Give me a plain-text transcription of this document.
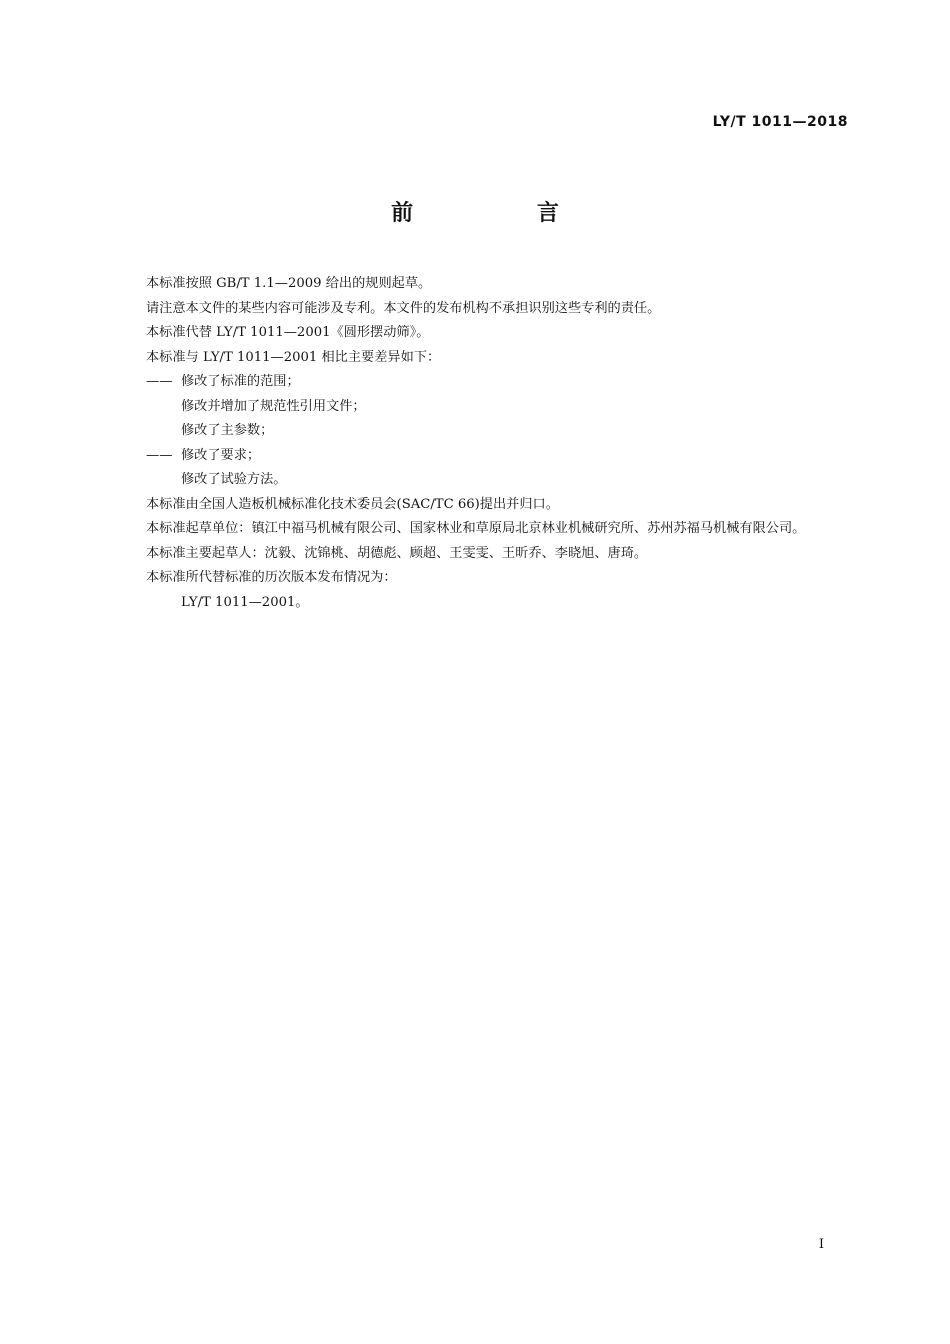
LY/T 1011—2018
前 言

本标准按照 GB/T 1.1—2009 给出的规则起草。

请注意本文件的某些内容可能涉及专利。本文件的发布机构不承担识别这些专利的责任。

本标准代替 LY/T 1011—2001《圆形摆动筛》。

本标准与 LY/T 1011—2001 相比主要差异如下：

—— 修改了标准的范围；

修改并增加了规范性引用文件；

修改了主参数；

—— 修改了要求；

修改了试验方法。

本标准由全国人造板机械标准化技术委员会(SAC/TC 66)提出并归口。

本标准起草单位：镇江中福马机械有限公司、国家林业和草原局北京林业机械研究所、苏州苏福马机械有限公司。

本标准主要起草人：沈毅、沈锦桃、胡德彪、顾超、王雯雯、王昕乔、李晓旭、唐琦。

本标准所代替标准的历次版本发布情况为：

LY/T 1011—2001。

I
